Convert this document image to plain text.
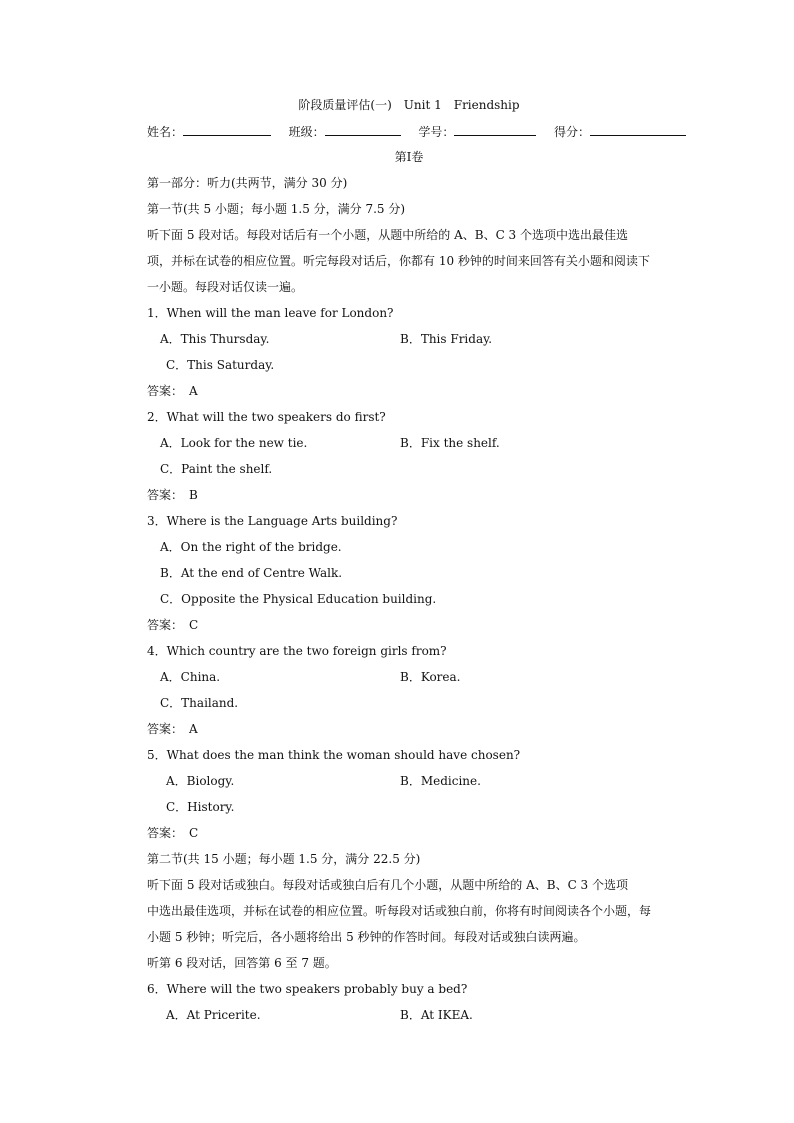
阶段质量评估(一)　Unit 1　Friendship
姓名：	班级：	学号：	得分：
第Ⅰ卷
第一部分：听力(共两节，满分 30 分)
第一节(共 5 小题；每小题 1.5 分，满分 7.5 分)
听下面 5 段对话。每段对话后有一个小题，从题中所给的 A、B、C 3 个选项中选出最佳选
项，并标在试卷的相应位置。听完每段对话后，你都有 10 秒钟的时间来回答有关小题和阅读下
一小题。每段对话仅读一遍。
1．When will the man leave for London?
A．This Thursday.	B．This Friday.
C．This Saturday.
答案：　A
2．What will the two speakers do first?
A．Look for the new tie.	B．Fix the shelf.
C．Paint the shelf.
答案：　B
3．Where is the Language Arts building?
A．On the right of the bridge.
B．At the end of Centre Walk.
C．Opposite the Physical Education building.
答案：　C
4．Which country are the two foreign girls from?
A．China.	B．Korea.
C．Thailand.
答案：　A
5．What does the man think the woman should have chosen?
A．Biology.	B．Medicine.
C．History.
答案：　C
第二节(共 15 小题；每小题 1.5 分，满分 22.5 分)
听下面 5 段对话或独白。每段对话或独白后有几个小题，从题中所给的 A、B、C 3 个选项
中选出最佳选项，并标在试卷的相应位置。听每段对话或独白前，你将有时间阅读各个小题，每
小题 5 秒钟；听完后，各小题将给出 5 秒钟的作答时间。每段对话或独白读两遍。
听第 6 段对话，回答第 6 至 7 题。
6．Where will the two speakers probably buy a bed?
A．At Pricerite.	B．At IKEA.
